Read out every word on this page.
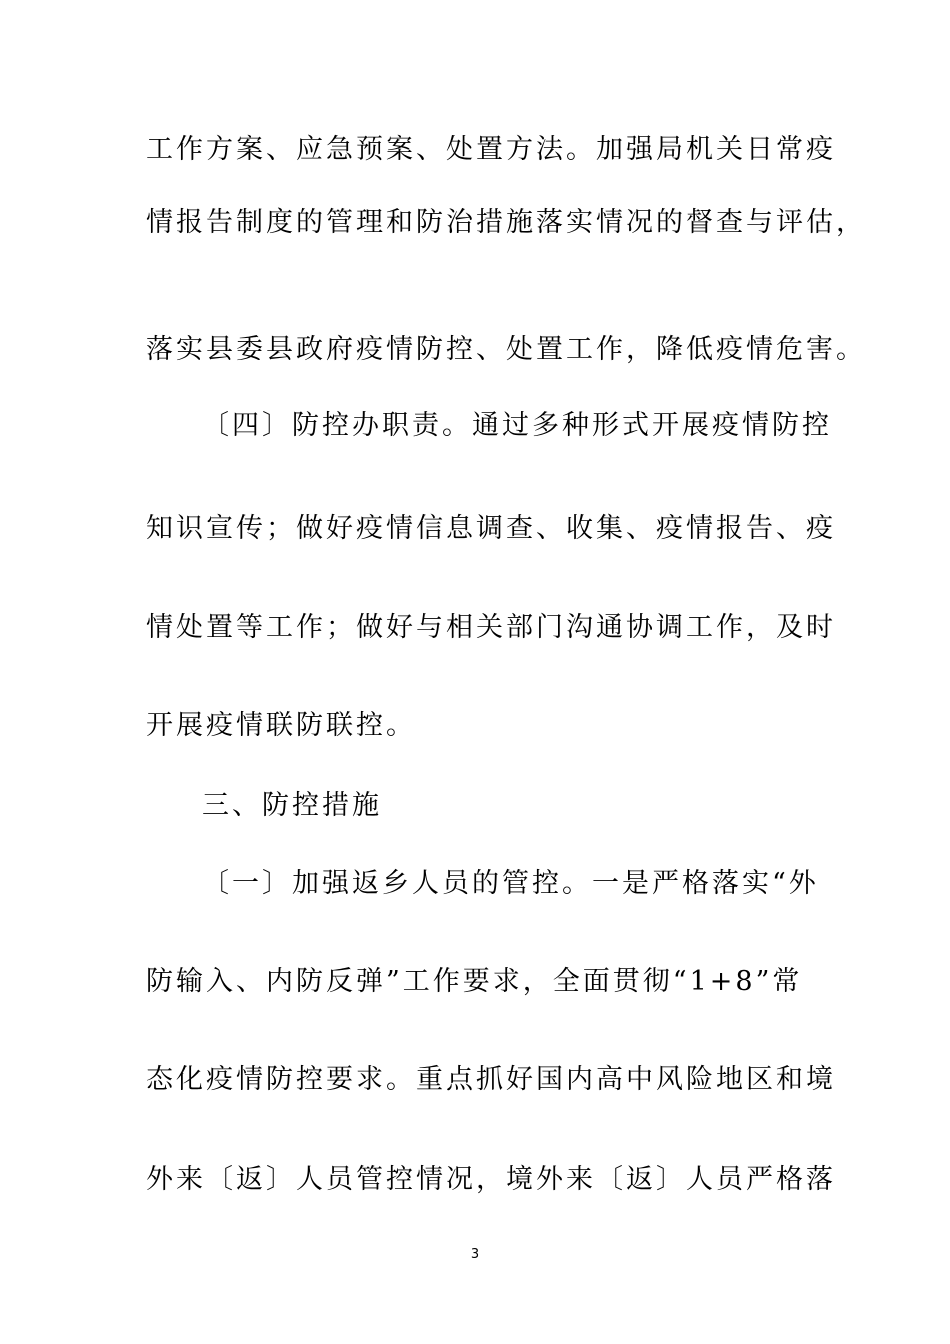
工作方案、应急预案、处置方法。加强局机关日常疫
情报告制度的管理和防治措施落实情况的督查与评估，
落实县委县政府疫情防控、处置工作，降低疫情危害。
〔四〕防控办职责。通过多种形式开展疫情防控
知识宣传；做好疫情信息调查、收集、疫情报告、疫
情处置等工作；做好与相关部门沟通协调工作，及时
开展疫情联防联控。
三、防控措施
〔一〕加强返乡人员的管控。一是严格落实“外
防输入、内防反弹”工作要求，全面贯彻“1+8”常
态化疫情防控要求。重点抓好国内高中风险地区和境
外来〔返〕人员管控情况，境外来〔返〕人员严格落
3
